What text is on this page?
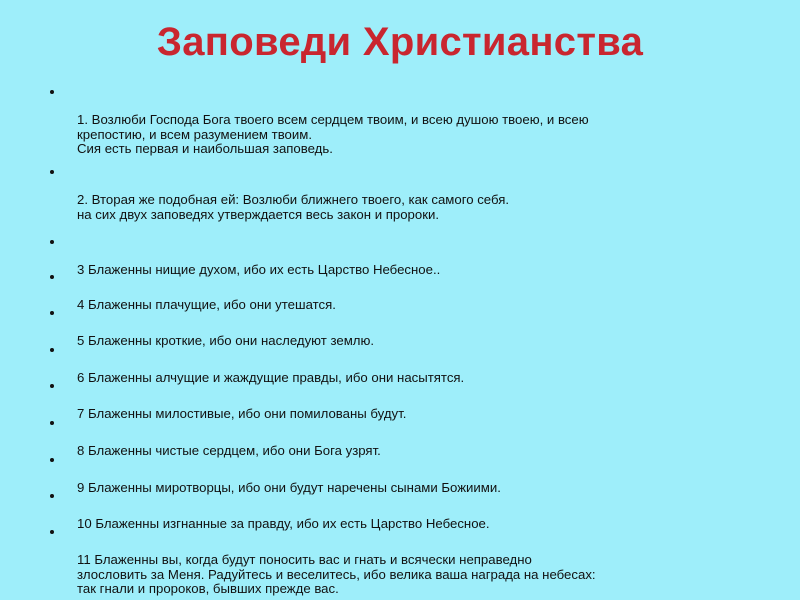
Заповеди Христианства

1. Возлюби Господа Бога твоего всем сердцем твоим, и всею душою твоею, и всею
крепостию, и всем разумением твоим.
Сия есть первая и наибольшая заповедь.

2. Вторая же подобная ей: Возлюби ближнего твоего, как самого себя.
на сих двух заповедях утверждается весь закон и пророки.

3 Блаженны нищие духом, ибо их есть Царство Небесное..

4 Блаженны плачущие, ибо они утешатся.

5 Блаженны кроткие, ибо они наследуют землю.

6 Блаженны алчущие и жаждущие правды, ибо они насытятся.

7 Блаженны милостивые, ибо они помилованы будут.

8 Блаженны чистые сердцем, ибо они Бога узрят.

9 Блаженны миротворцы, ибо они будут наречены сынами Божиими.

10 Блаженны изгнанные за правду, ибо их есть Царство Небесное.

11 Блаженны вы, когда будут поносить вас и гнать и всячески неправедно
злословить за Меня. Радуйтесь и веселитесь, ибо велика ваша награда на небесах:
так гнали и пророков, бывших прежде вас.
